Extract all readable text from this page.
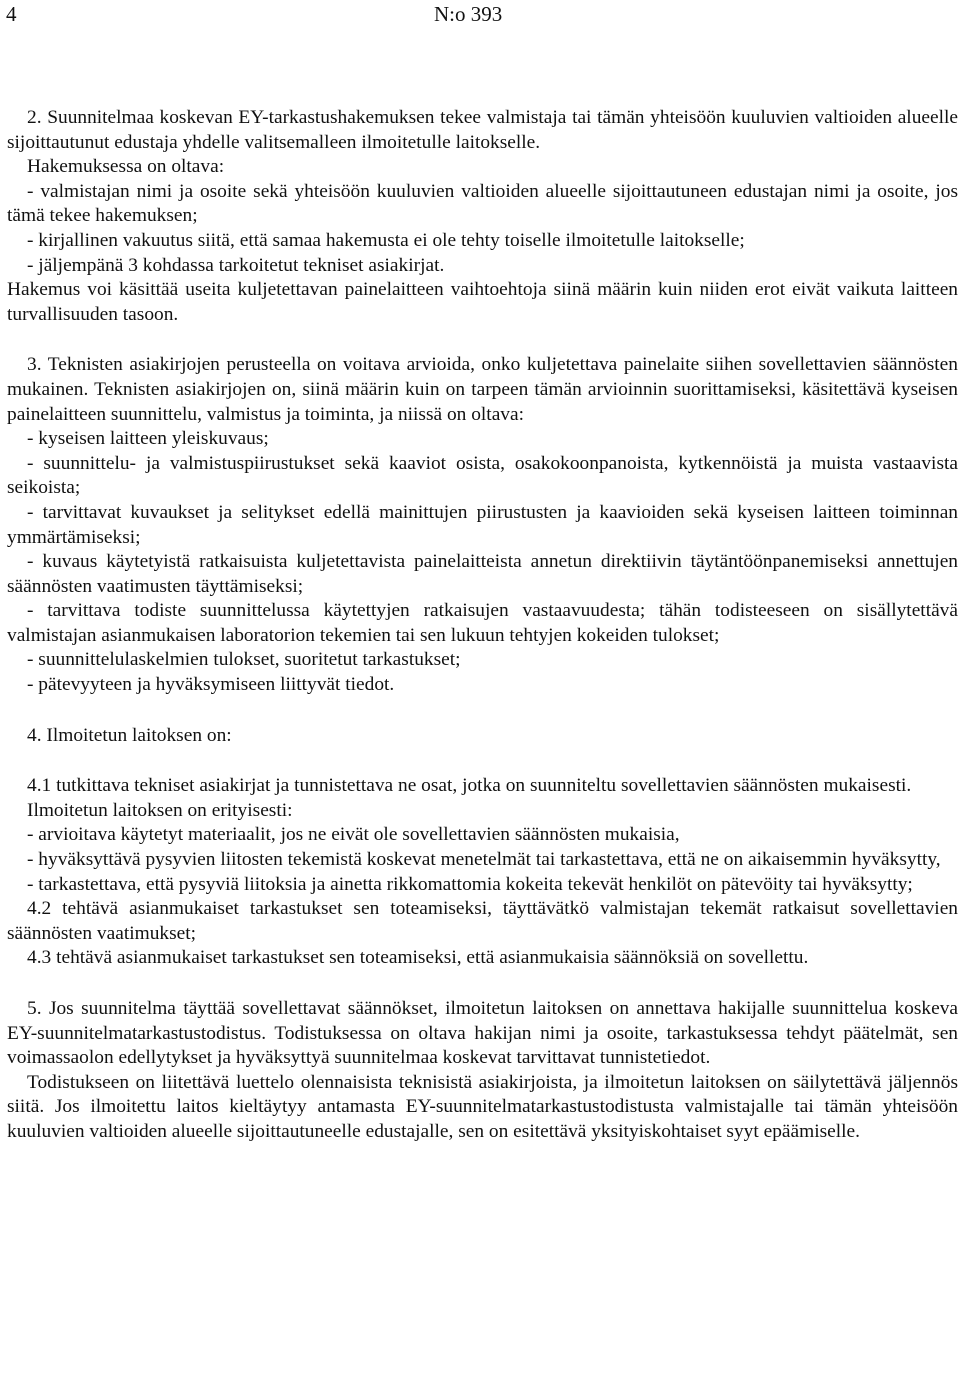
4	N:o 393

2. Suunnitelmaa koskevan EY-tarkastushakemuksen tekee valmistaja tai tämän yhteisöön kuuluvien valtioiden alueelle sijoittautunut edustaja yhdelle valitsemalleen ilmoitetulle laitokselle.

Hakemuksessa on oltava:

- valmistajan nimi ja osoite sekä yhteisöön kuuluvien valtioiden alueelle sijoittautuneen edustajan nimi ja osoite, jos tämä tekee hakemuksen;

- kirjallinen vakuutus siitä, että samaa hakemusta ei ole tehty toiselle ilmoitetulle laitokselle;

- jäljempänä 3 kohdassa tarkoitetut tekniset asiakirjat.

Hakemus voi käsittää useita kuljetettavan painelaitteen vaihtoehtoja siinä määrin kuin niiden erot eivät vaikuta laitteen turvallisuuden tasoon.

3. Teknisten asiakirjojen perusteella on voitava arvioida, onko kuljetettava painelaite siihen sovellettavien säännösten mukainen. Teknisten asiakirjojen on, siinä määrin kuin on tarpeen tämän arvioinnin suorittamiseksi, käsitettävä kyseisen painelaitteen suunnittelu, valmistus ja toiminta, ja niissä on oltava:

- kyseisen laitteen yleiskuvaus;

- suunnittelu- ja valmistuspiirustukset sekä kaaviot osista, osakokoonpanoista, kytkennöistä ja muista vastaavista seikoista;

- tarvittavat kuvaukset ja selitykset edellä mainittujen piirustusten ja kaavioiden sekä kyseisen laitteen toiminnan ymmärtämiseksi;

- kuvaus käytetyistä ratkaisuista kuljetettavista painelaitteista annetun direktiivin täytäntöönpanemiseksi annettujen säännösten vaatimusten täyttämiseksi;

- tarvittava todiste suunnittelussa käytettyjen ratkaisujen vastaavuudesta; tähän todisteeseen on sisällytettävä valmistajan asianmukaisen laboratorion tekemien tai sen lukuun tehtyjen kokeiden tulokset;

- suunnittelulaskelmien tulokset, suoritetut tarkastukset;

- pätevyyteen ja hyväksymiseen liittyvät tiedot.

4. Ilmoitetun laitoksen on:

4.1 tutkittava tekniset asiakirjat ja tunnistettava ne osat, jotka on suunniteltu sovellettavien säännösten mukaisesti.

Ilmoitetun laitoksen on erityisesti:

- arvioitava käytetyt materiaalit, jos ne eivät ole sovellettavien säännösten mukaisia,

- hyväksyttävä pysyvien liitosten tekemistä koskevat menetelmät tai tarkastettava, että ne on aikaisemmin hyväksytty,

- tarkastettava, että pysyviä liitoksia ja ainetta rikkomattomia kokeita tekevät henkilöt on pätevöity tai hyväksytty;

4.2 tehtävä asianmukaiset tarkastukset sen toteamiseksi, täyttävätkö valmistajan tekemät ratkaisut sovellettavien säännösten vaatimukset;

4.3 tehtävä asianmukaiset tarkastukset sen toteamiseksi, että asianmukaisia säännöksiä on sovellettu.

5. Jos suunnitelma täyttää sovellettavat säännökset, ilmoitetun laitoksen on annettava hakijalle suunnittelua koskeva EY-suunnitelmatarkastustodistus. Todistuksessa on oltava hakijan nimi ja osoite, tarkastuksessa tehdyt päätelmät, sen voimassaolon edellytykset ja hyväksyttyä suunnitelmaa koskevat tarvittavat tunnistetiedot.

Todistukseen on liitettävä luettelo olennaisista teknisistä asiakirjoista, ja ilmoitetun laitoksen on säilytettävä jäljennös siitä. Jos ilmoitettu laitos kieltäytyy antamasta EY-suunnitelmatarkastustodistusta valmistajalle tai tämän yhteisöön kuuluvien valtioiden alueelle sijoittautuneelle edustajalle, sen on esitettävä yksityiskohtaiset syyt epäämiselle.
